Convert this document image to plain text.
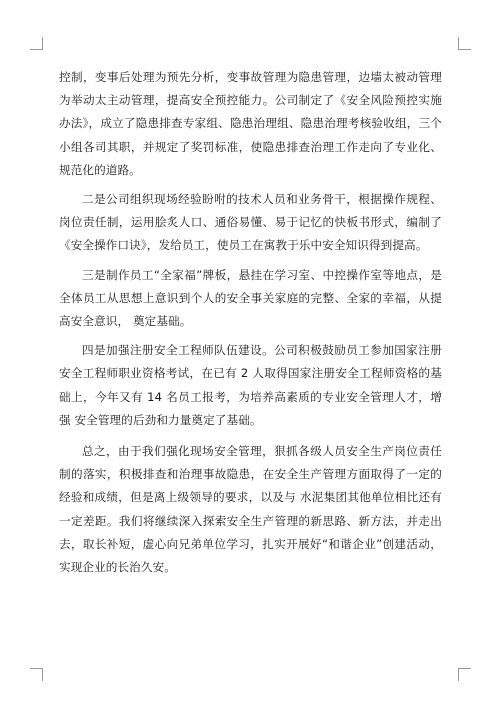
控制，变事后处理为预先分析，变事故管理为隐患管理，边墙太被动管理为举动太主动管理，提高安全预控能力。公司制定了《安全风险预控实施办法》，成立了隐患排查专家组、隐患治理组、隐患治理考核验收组，三个小组各司其职，并规定了奖罚标准，使隐患排查治理工作走向了专业化、规范化的道路。

二是公司组织现场经验盼咐的技术人员和业务骨干，根据操作规程、岗位责任制，运用脍炙人口、通俗易懂、易于记忆的快板书形式，编制了《安全操作口诀》，发给员工，使员工在寓教于乐中安全知识得到提高。

三是制作员工“全家福”牌板，悬挂在学习室、中控操作室等地点，是全体员工从思想上意识到个人的安全事关家庭的完整、全家的幸福，从提高安全意识， 奠定基础。

四是加强注册安全工程师队伍建设。公司积极鼓励员工参加国家注册安全工程师职业资格考试，在已有 2 人取得国家注册安全工程师资格的基础上，今年又有 14 名员工报考，为培养高素质的专业安全管理人才，增强 安全管理的后劲和力量奠定了基础。

总之，由于我们强化现场安全管理，狠抓各级人员安全生产岗位责任制的落实，积极排查和治理事故隐患，在安全生产管理方面取得了一定的经验和成绩，但是离上级领导的要求，以及与 水泥集团其他单位相比还有一定差距。我们将继续深入探索安全生产管理的新思路、新方法，并走出去，取长补短，虚心向兄弟单位学习，扎实开展好“和谐企业”创建活动，实现企业的长治久安。
